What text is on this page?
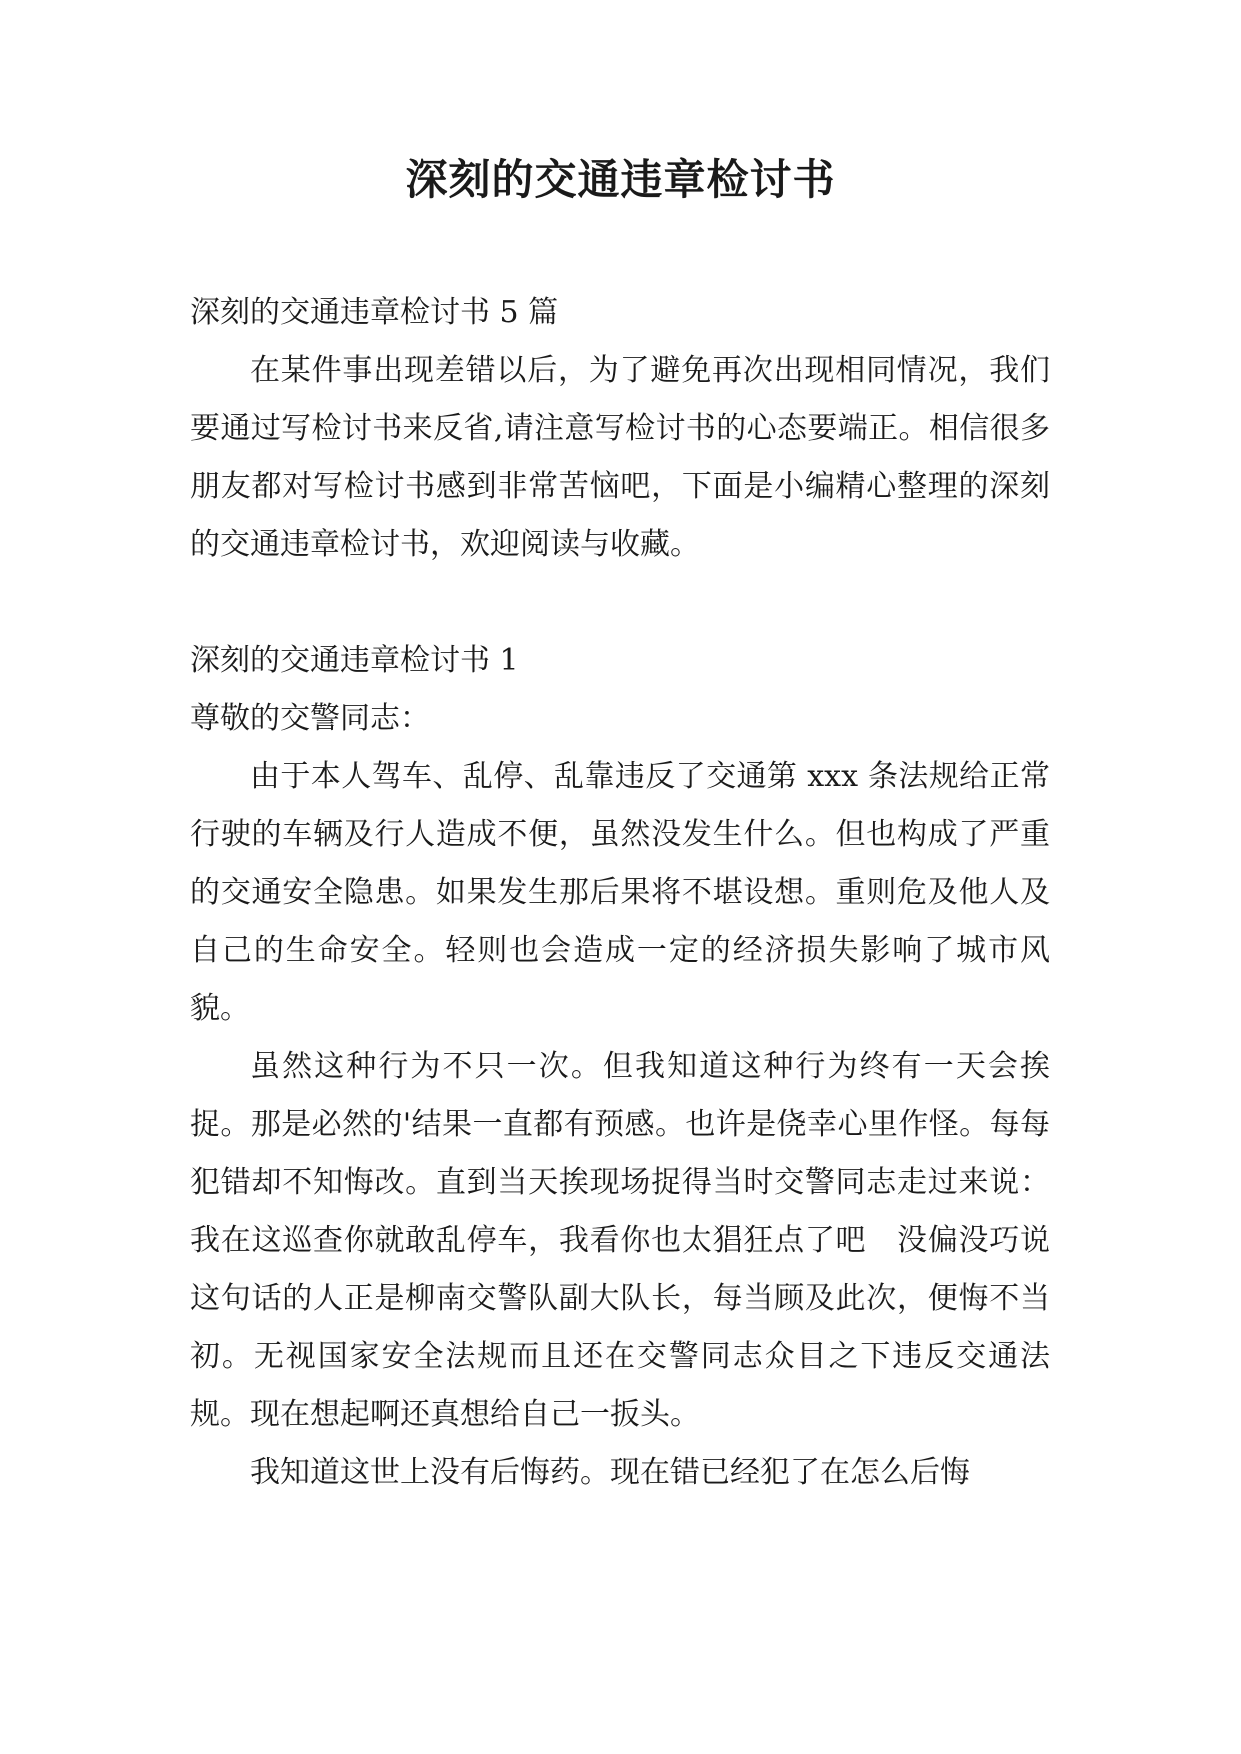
深刻的交通违章检讨书

深刻的交通违章检讨书 5 篇

在某件事出现差错以后，为了避免再次出现相同情况，我们要通过写检讨书来反省,请注意写检讨书的心态要端正。相信很多朋友都对写检讨书感到非常苦恼吧，下面是小编精心整理的深刻的交通违章检讨书，欢迎阅读与收藏。

深刻的交通违章检讨书 1

尊敬的交警同志：

由于本人驾车、乱停、乱靠违反了交通第 xxx 条法规给正常行驶的车辆及行人造成不便，虽然没发生什么。但也构成了严重的交通安全隐患。如果发生那后果将不堪设想。重则危及他人及自己的生命安全。轻则也会造成一定的经济损失影响了城市风貌。

虽然这种行为不只一次。但我知道这种行为终有一天会挨捉。那是必然的'结果一直都有预感。也许是侥幸心里作怪。每每犯错却不知悔改。直到当天挨现场捉得当时交警同志走过来说：我在这巡查你就敢乱停车，我看你也太猖狂点了吧　没偏没巧说这句话的人正是柳南交警队副大队长，每当顾及此次，便悔不当初。无视国家安全法规而且还在交警同志众目之下违反交通法规。现在想起啊还真想给自己一扳头。

我知道这世上没有后悔药。现在错已经犯了在怎么后悔
